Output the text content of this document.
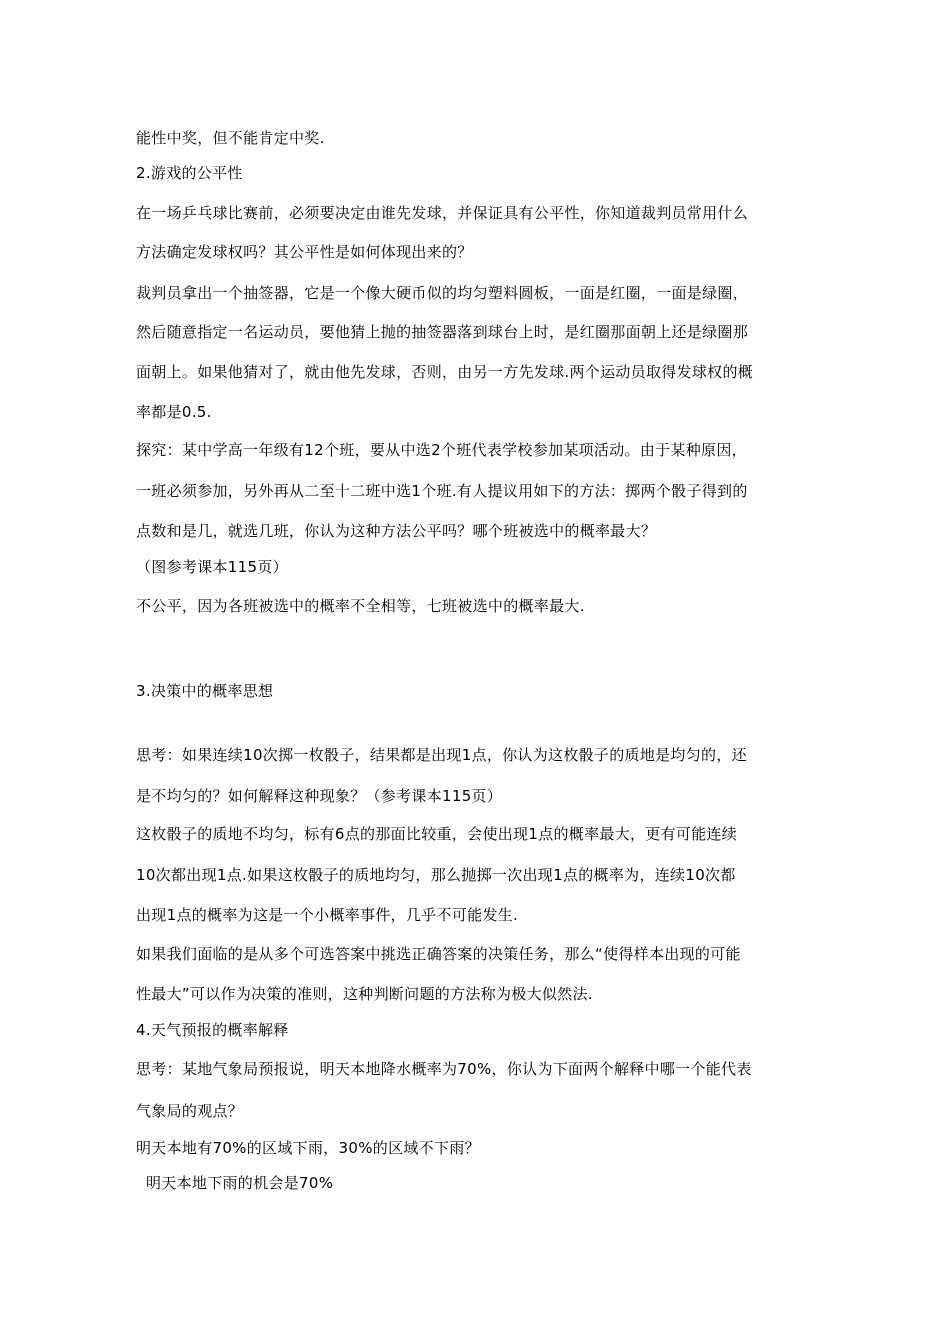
能性中奖，但不能肯定中奖.
2.游戏的公平性
在一场乒乓球比赛前，必须要决定由谁先发球，并保证具有公平性，你知道裁判员常用什么
方法确定发球权吗？其公平性是如何体现出来的？
裁判员拿出一个抽签器，它是一个像大硬币似的均匀塑料圆板，一面是红圈，一面是绿圈，
然后随意指定一名运动员，要他猜上抛的抽签器落到球台上时，是红圈那面朝上还是绿圈那
面朝上。如果他猜对了，就由他先发球，否则，由另一方先发球.两个运动员取得发球权的概
率都是0.5.
探究：某中学高一年级有12个班，要从中选2个班代表学校参加某项活动。由于某种原因，
一班必须参加，另外再从二至十二班中选1个班.有人提议用如下的方法：掷两个骰子得到的
点数和是几，就选几班，你认为这种方法公平吗？哪个班被选中的概率最大？
（图参考课本115页）
不公平，因为各班被选中的概率不全相等，七班被选中的概率最大.
3.决策中的概率思想
思考：如果连续10次掷一枚骰子，结果都是出现1点，你认为这枚骰子的质地是均匀的，还
是不均匀的？如何解释这种现象？（参考课本115页）
这枚骰子的质地不均匀，标有6点的那面比较重，会使出现1点的概率最大，更有可能连续
10次都出现1点.如果这枚骰子的质地均匀，那么抛掷一次出现1点的概率为，连续10次都
出现1点的概率为这是一个小概率事件，几乎不可能发生.
如果我们面临的是从多个可选答案中挑选正确答案的决策任务，那么“使得样本出现的可能
性最大”可以作为决策的准则，这种判断问题的方法称为极大似然法.
4.天气预报的概率解释
思考：某地气象局预报说，明天本地降水概率为70%，你认为下面两个解释中哪一个能代表
气象局的观点？
明天本地有70%的区域下雨，30%的区域不下雨？
明天本地下雨的机会是70%
